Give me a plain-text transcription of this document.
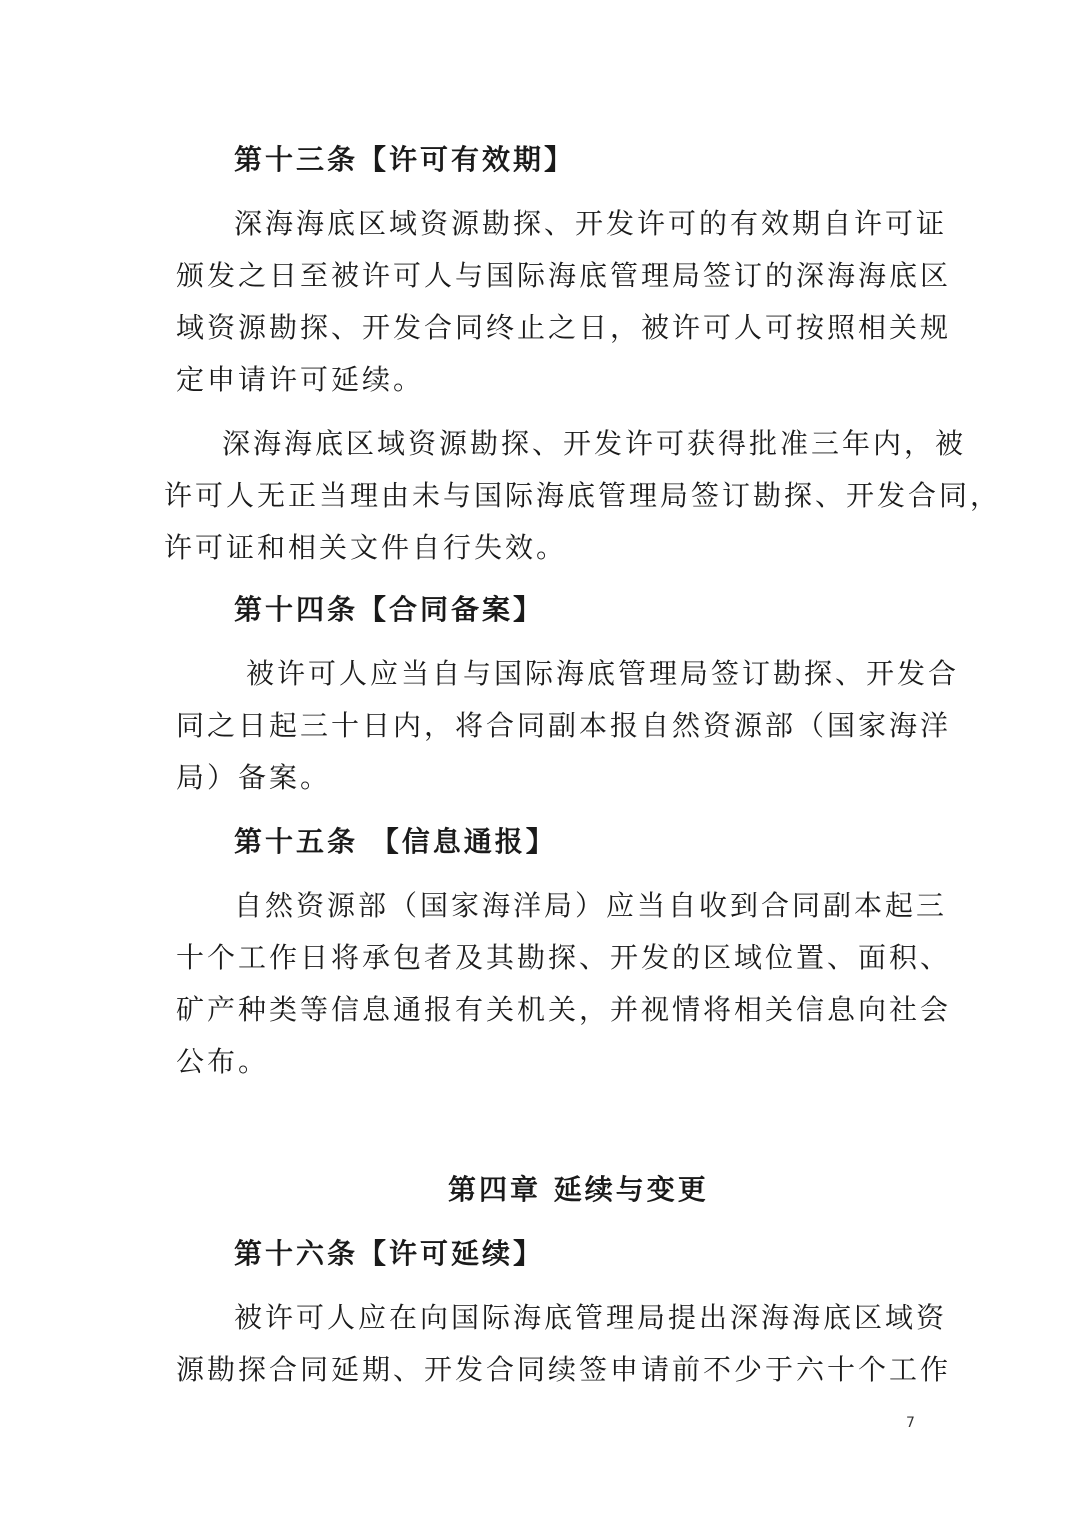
第十三条【许可有效期】
深海海底区域资源勘探、开发许可的有效期自许可证
颁发之日至被许可人与国际海底管理局签订的深海海底区
域资源勘探、开发合同终止之日，被许可人可按照相关规
定申请许可延续。
深海海底区域资源勘探、开发许可获得批准三年内，被
许可人无正当理由未与国际海底管理局签订勘探、开发合同，
许可证和相关文件自行失效。
第十四条【合同备案】
被许可人应当自与国际海底管理局签订勘探、开发合
同之日起三十日内，将合同副本报自然资源部（国家海洋
局）备案。
第十五条 【信息通报】
自然资源部（国家海洋局）应当自收到合同副本起三
十个工作日将承包者及其勘探、开发的区域位置、面积、
矿产种类等信息通报有关机关，并视情将相关信息向社会
公布。
第四章 延续与变更
第十六条【许可延续】
被许可人应在向国际海底管理局提出深海海底区域资
源勘探合同延期、开发合同续签申请前不少于六十个工作
7
